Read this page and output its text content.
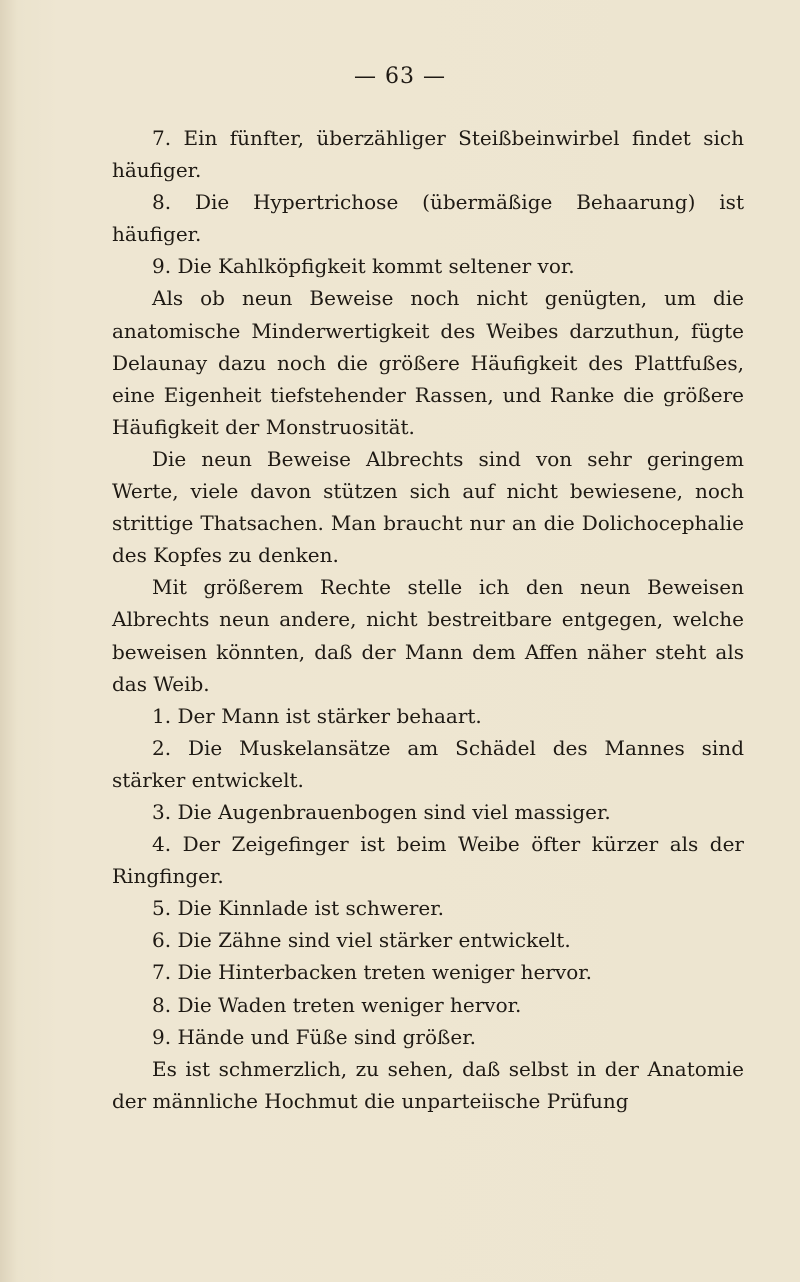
— 63 —

7. Ein fünfter, überzähliger Steißbeinwirbel findet sich häufiger.

8. Die Hypertrichose (übermäßige Behaarung) ist häufiger.

9. Die Kahlköpfigkeit kommt seltener vor.

Als ob neun Beweise noch nicht genügten, um die anatomische Minderwertigkeit des Weibes darzuthun, fügte Delaunay dazu noch die größere Häufigkeit des Plattfußes, eine Eigenheit tiefstehender Rassen, und Ranke die größere Häufigkeit der Monstruosität.

Die neun Beweise Albrechts sind von sehr geringem Werte, viele davon stützen sich auf nicht bewiesene, noch strittige Thatsachen. Man braucht nur an die Dolichocephalie des Kopfes zu denken.

Mit größerem Rechte stelle ich den neun Beweisen Albrechts neun andere, nicht bestreitbare entgegen, welche beweisen könnten, daß der Mann dem Affen näher steht als das Weib.

1. Der Mann ist stärker behaart.

2. Die Muskelansätze am Schädel des Mannes sind stärker entwickelt.

3. Die Augenbrauenbogen sind viel massiger.

4. Der Zeigefinger ist beim Weibe öfter kürzer als der Ringfinger.

5. Die Kinnlade ist schwerer.

6. Die Zähne sind viel stärker entwickelt.

7. Die Hinterbacken treten weniger hervor.

8. Die Waden treten weniger hervor.

9. Hände und Füße sind größer.

Es ist schmerzlich, zu sehen, daß selbst in der Anatomie der männliche Hochmut die unparteiische Prüfung
